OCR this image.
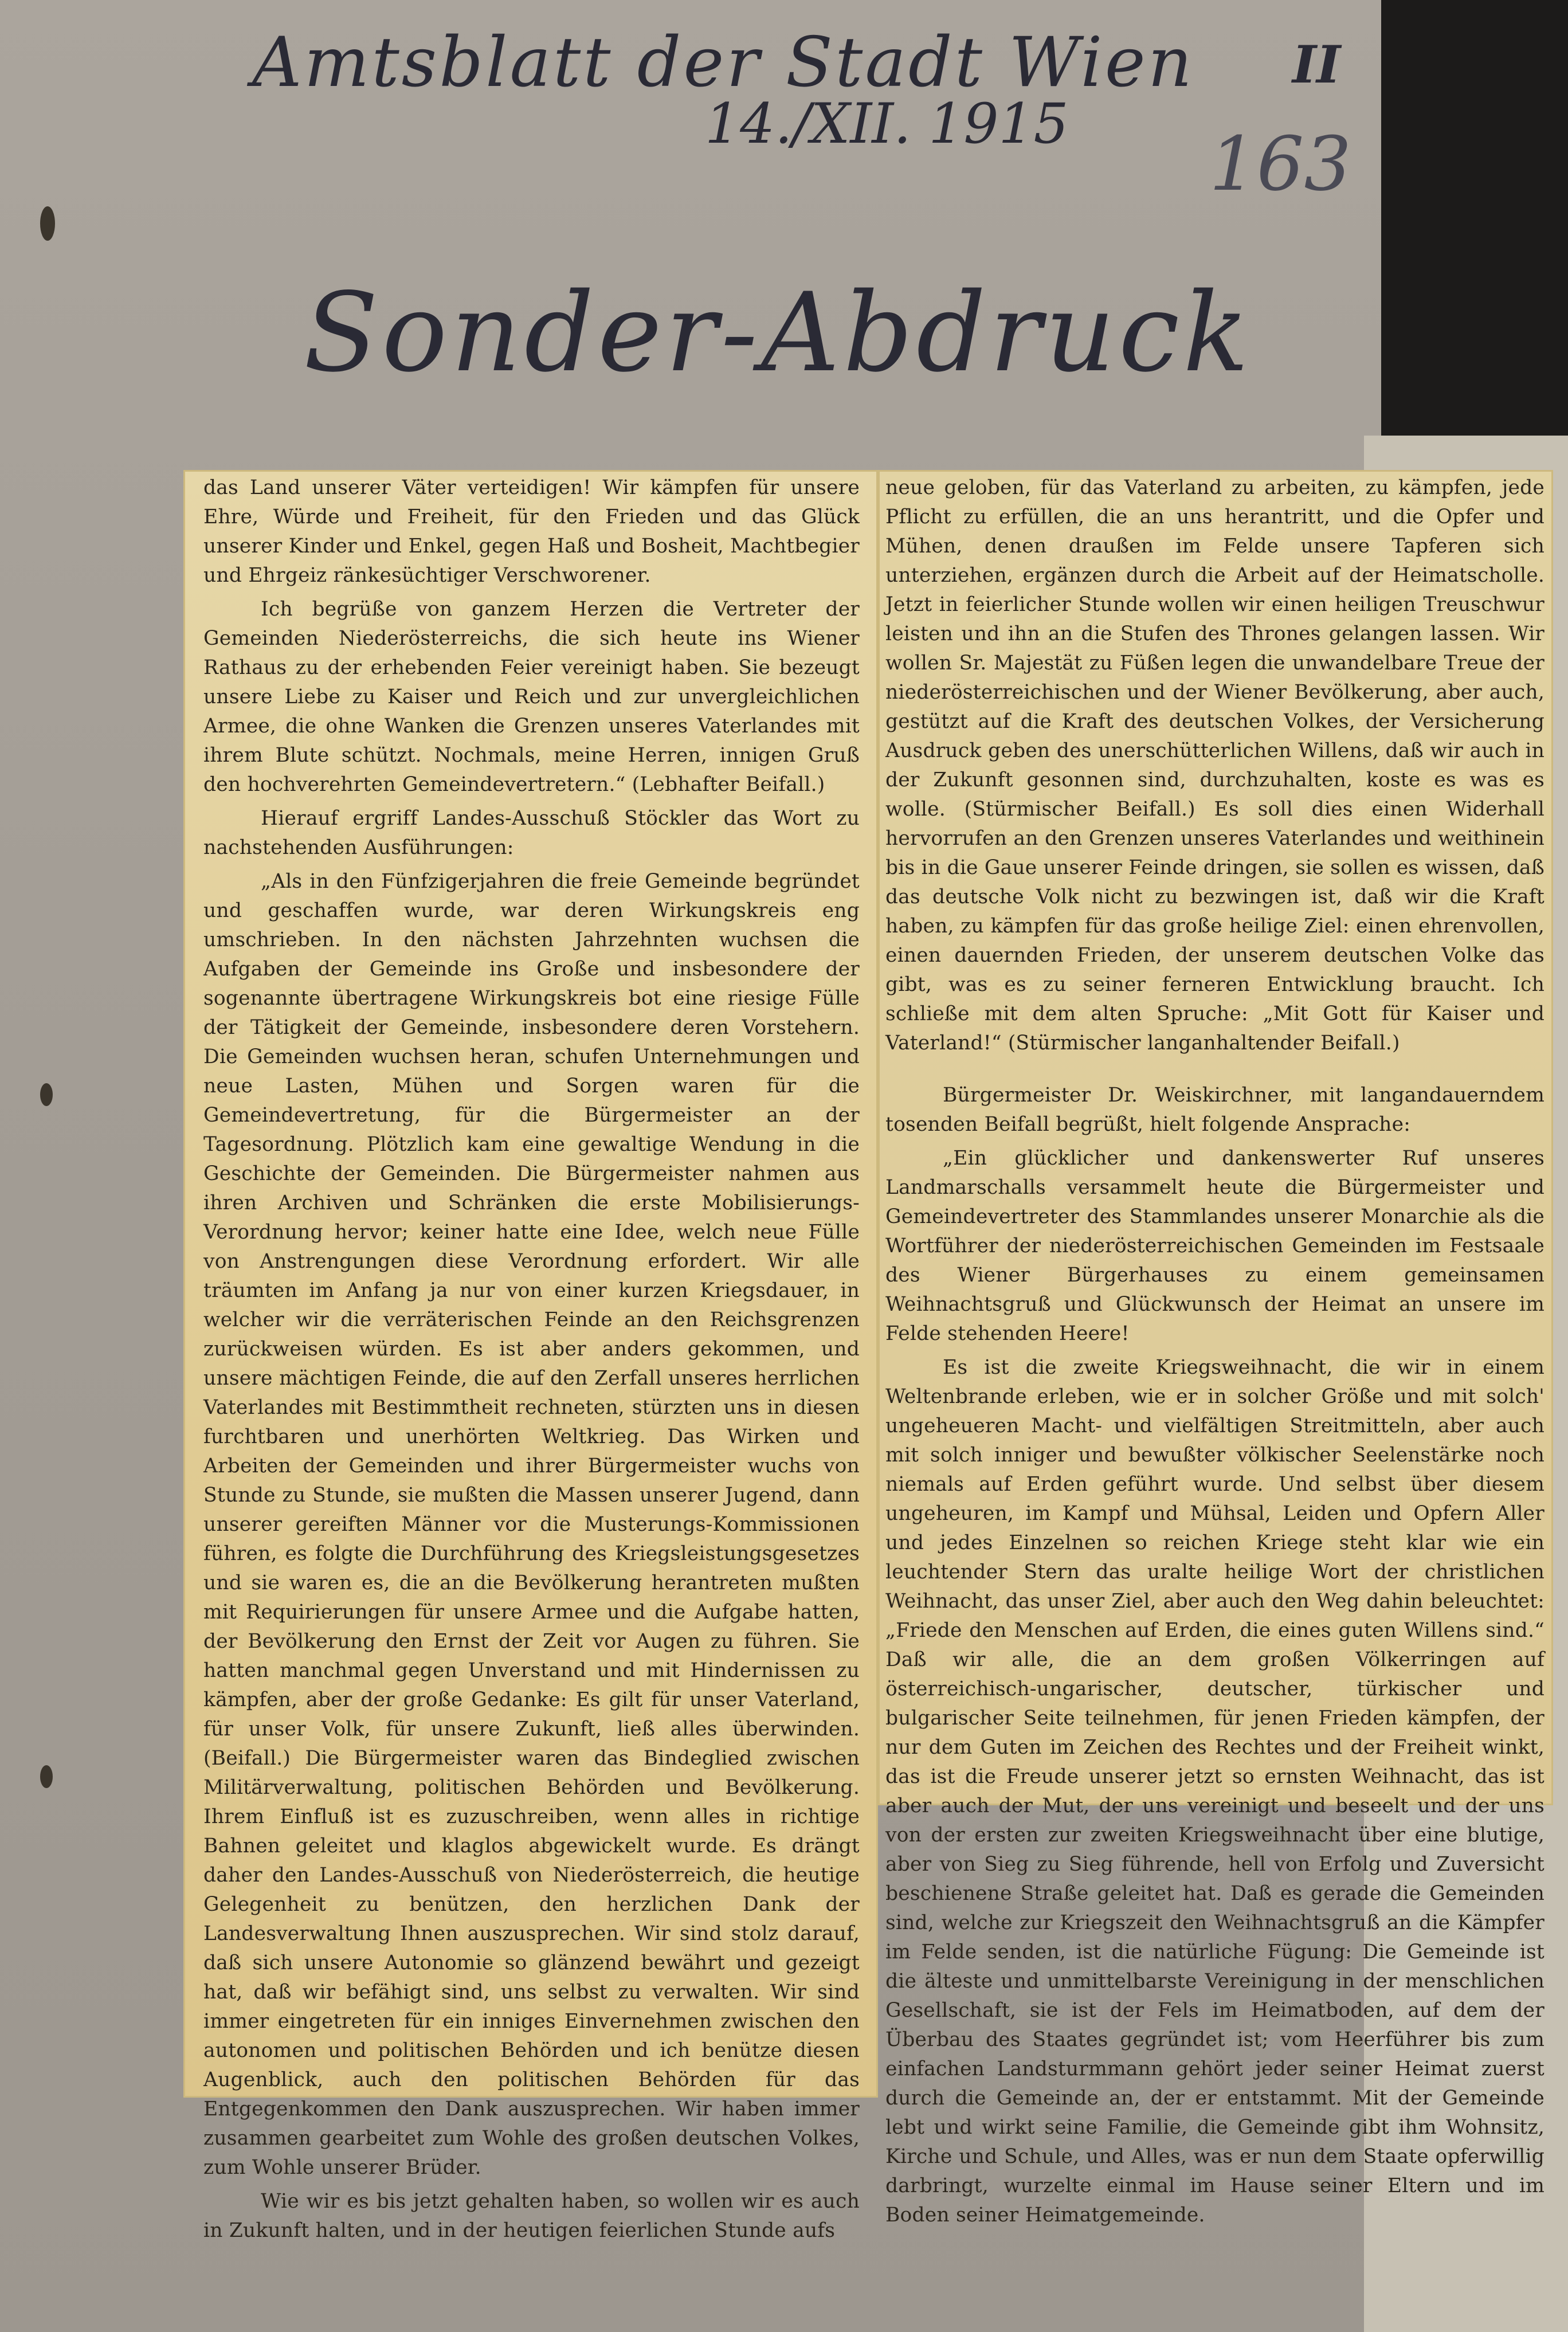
Amtsblatt der Stadt Wien II
14./XII. 1915 163
Sonder-Abdruck

das Land unserer Väter verteidigen! Wir kämpfen für unsere Ehre, Würde und Freiheit, für den Frieden und das Glück unserer Kinder und Enkel, gegen Haß und Bosheit, Machtbegier und Ehrgeiz ränkesüchtiger Verschworener.

Ich begrüße von ganzem Herzen die Vertreter der Gemeinden Niederösterreichs, die sich heute ins Wiener Rathaus zu der erhebenden Feier vereinigt haben. Sie bezeugt unsere Liebe zu Kaiser und Reich und zur unvergleichlichen Armee, die ohne Wanken die Grenzen unseres Vaterlandes mit ihrem Blute schützt. Nochmals, meine Herren, innigen Gruß den hochverehrten Gemeindevertretern.“ (Lebhafter Beifall.)

Hierauf ergriff Landes-Ausschuß Stöckler das Wort zu nachstehenden Ausführungen:

„Als in den Fünfzigerjahren die freie Gemeinde begründet und geschaffen wurde, war deren Wirkungskreis eng umschrieben. In den nächsten Jahrzehnten wuchsen die Aufgaben der Gemeinde ins Große und insbesondere der sogenannte übertragene Wirkungskreis bot eine riesige Fülle der Tätigkeit der Gemeinde, insbesondere deren Vorstehern. Die Gemeinden wuchsen heran, schufen Unternehmungen und neue Lasten, Mühen und Sorgen waren für die Gemeindevertretung, für die Bürgermeister an der Tagesordnung. Plötzlich kam eine gewaltige Wendung in die Geschichte der Gemeinden. Die Bürgermeister nahmen aus ihren Archiven und Schränken die erste Mobilisierungs-Verordnung hervor; keiner hatte eine Idee, welch neue Fülle von Anstrengungen diese Verordnung erfordert. Wir alle träumten im Anfang ja nur von einer kurzen Kriegsdauer, in welcher wir die verräterischen Feinde an den Reichsgrenzen zurückweisen würden. Es ist aber anders gekommen, und unsere mächtigen Feinde, die auf den Zerfall unseres herrlichen Vaterlandes mit Bestimmtheit rechneten, stürzten uns in diesen furchtbaren und unerhörten Weltkrieg. Das Wirken und Arbeiten der Gemeinden und ihrer Bürgermeister wuchs von Stunde zu Stunde, sie mußten die Massen unserer Jugend, dann unserer gereiften Männer vor die Musterungs-Kommissionen führen, es folgte die Durchführung des Kriegsleistungsgesetzes und sie waren es, die an die Bevölkerung herantreten mußten mit Requirierungen für unsere Armee und die Aufgabe hatten, der Bevölkerung den Ernst der Zeit vor Augen zu führen. Sie hatten manchmal gegen Unverstand und mit Hindernissen zu kämpfen, aber der große Gedanke: Es gilt für unser Vaterland, für unser Volk, für unsere Zukunft, ließ alles überwinden. (Beifall.) Die Bürgermeister waren das Bindeglied zwischen Militärverwaltung, politischen Behörden und Bevölkerung. Ihrem Einfluß ist es zuzuschreiben, wenn alles in richtige Bahnen geleitet und klaglos abgewickelt wurde. Es drängt daher den Landes-Ausschuß von Niederösterreich, die heutige Gelegenheit zu benützen, den herzlichen Dank der Landesverwaltung Ihnen auszusprechen. Wir sind stolz darauf, daß sich unsere Autonomie so glänzend bewährt und gezeigt hat, daß wir befähigt sind, uns selbst zu verwalten. Wir sind immer eingetreten für ein inniges Einvernehmen zwischen den autonomen und politischen Behörden und ich benütze diesen Augenblick, auch den politischen Behörden für das Entgegenkommen den Dank auszusprechen. Wir haben immer zusammen gearbeitet zum Wohle des großen deutschen Volkes, zum Wohle unserer Brüder.

Wie wir es bis jetzt gehalten haben, so wollen wir es auch in Zukunft halten, und in der heutigen feierlichen Stunde aufs

neue geloben, für das Vaterland zu arbeiten, zu kämpfen, jede Pflicht zu erfüllen, die an uns herantritt, und die Opfer und Mühen, denen draußen im Felde unsere Tapferen sich unterziehen, ergänzen durch die Arbeit auf der Heimatscholle. Jetzt in feierlicher Stunde wollen wir einen heiligen Treuschwur leisten und ihn an die Stufen des Thrones gelangen lassen. Wir wollen Sr. Majestät zu Füßen legen die unwandelbare Treue der niederösterreichischen und der Wiener Bevölkerung, aber auch, gestützt auf die Kraft des deutschen Volkes, der Versicherung Ausdruck geben des unerschütterlichen Willens, daß wir auch in der Zukunft gesonnen sind, durchzuhalten, koste es was es wolle. (Stürmischer Beifall.) Es soll dies einen Widerhall hervorrufen an den Grenzen unseres Vaterlandes und weithinein bis in die Gaue unserer Feinde dringen, sie sollen es wissen, daß das deutsche Volk nicht zu bezwingen ist, daß wir die Kraft haben, zu kämpfen für das große heilige Ziel: einen ehrenvollen, einen dauernden Frieden, der unserem deutschen Volke das gibt, was es zu seiner ferneren Entwicklung braucht. Ich schließe mit dem alten Spruche: „Mit Gott für Kaiser und Vaterland!“ (Stürmischer langanhaltender Beifall.)

Bürgermeister Dr. Weiskirchner, mit langandauerndem tosenden Beifall begrüßt, hielt folgende Ansprache:

„Ein glücklicher und dankenswerter Ruf unseres Landmarschalls versammelt heute die Bürgermeister und Gemeindevertreter des Stammlandes unserer Monarchie als die Wortführer der niederösterreichischen Gemeinden im Festsaale des Wiener Bürgerhauses zu einem gemeinsamen Weihnachtsgruß und Glückwunsch der Heimat an unsere im Felde stehenden Heere!

Es ist die zweite Kriegsweihnacht, die wir in einem Weltenbrande erleben, wie er in solcher Größe und mit solch' ungeheueren Macht- und vielfältigen Streitmitteln, aber auch mit solch inniger und bewußter völkischer Seelenstärke noch niemals auf Erden geführt wurde. Und selbst über diesem ungeheuren, im Kampf und Mühsal, Leiden und Opfern Aller und jedes Einzelnen so reichen Kriege steht klar wie ein leuchtender Stern das uralte heilige Wort der christlichen Weihnacht, das unser Ziel, aber auch den Weg dahin beleuchtet: „Friede den Menschen auf Erden, die eines guten Willens sind.“ Daß wir alle, die an dem großen Völkerringen auf österreichisch-ungarischer, deutscher, türkischer und bulgarischer Seite teilnehmen, für jenen Frieden kämpfen, der nur dem Guten im Zeichen des Rechtes und der Freiheit winkt, das ist die Freude unserer jetzt so ernsten Weihnacht, das ist aber auch der Mut, der uns vereinigt und beseelt und der uns von der ersten zur zweiten Kriegsweihnacht über eine blutige, aber von Sieg zu Sieg führende, hell von Erfolg und Zuversicht beschienene Straße geleitet hat. Daß es gerade die Gemeinden sind, welche zur Kriegszeit den Weihnachtsgruß an die Kämpfer im Felde senden, ist die natürliche Fügung: Die Gemeinde ist die älteste und unmittelbarste Vereinigung in der menschlichen Gesellschaft, sie ist der Fels im Heimatboden, auf dem der Überbau des Staates gegründet ist; vom Heerführer bis zum einfachen Landsturmmann gehört jeder seiner Heimat zuerst durch die Gemeinde an, der er entstammt. Mit der Gemeinde lebt und wirkt seine Familie, die Gemeinde gibt ihm Wohnsitz, Kirche und Schule, und Alles, was er nun dem Staate opferwillig darbringt, wurzelte einmal im Hause seiner Eltern und im Boden seiner Heimatgemeinde.
